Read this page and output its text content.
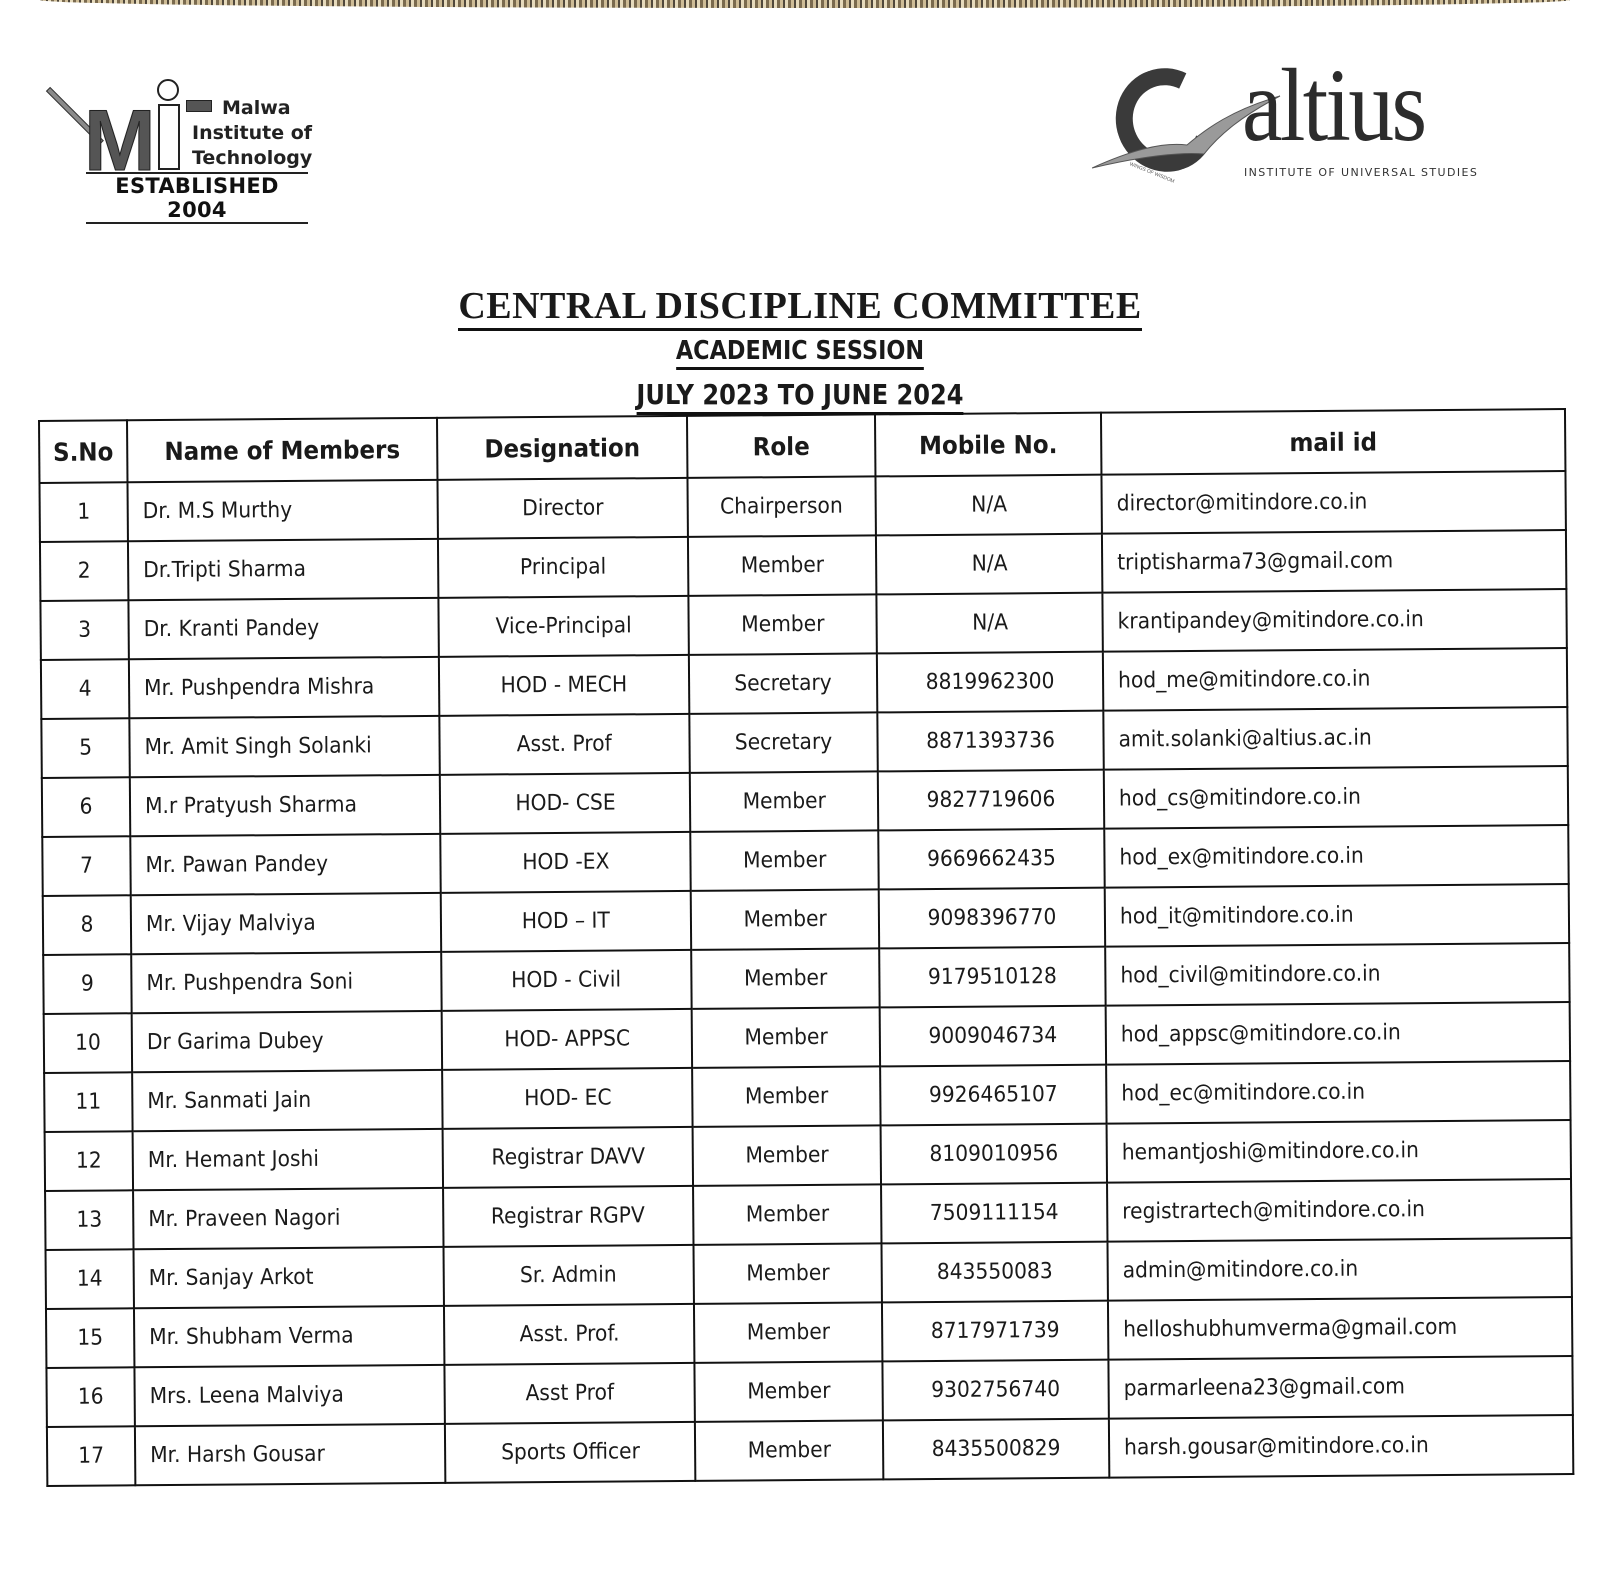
M	Malwa
Institute of
Technology
ESTABLISHED 2004
WINGS OF WISDOM
altius
INSTITUTE OF UNIVERSAL STUDIES
CENTRAL DISCIPLINE COMMITTEE
ACADEMIC SESSION
JULY 2023 TO JUNE 2024
S.No	Name of Members	Designation	Role	Mobile No.	mail id
1	Dr. M.S Murthy	Director	Chairperson	N/A	director@mitindore.co.in
2	Dr.Tripti Sharma	Principal	Member	N/A	triptisharma73@gmail.com
3	Dr. Kranti Pandey	Vice-Principal	Member	N/A	krantipandey@mitindore.co.in
4	Mr. Pushpendra Mishra	HOD - MECH	Secretary	8819962300	hod_me@mitindore.co.in
5	Mr. Amit Singh Solanki	Asst. Prof	Secretary	8871393736	amit.solanki@altius.ac.in
6	M.r Pratyush Sharma	HOD- CSE	Member	9827719606	hod_cs@mitindore.co.in
7	Mr. Pawan Pandey	HOD -EX	Member	9669662435	hod_ex@mitindore.co.in
8	Mr. Vijay Malviya	HOD – IT	Member	9098396770	hod_it@mitindore.co.in
9	Mr. Pushpendra Soni	HOD - Civil	Member	9179510128	hod_civil@mitindore.co.in
10	Dr Garima Dubey	HOD- APPSC	Member	9009046734	hod_appsc@mitindore.co.in
11	Mr. Sanmati Jain	HOD- EC	Member	9926465107	hod_ec@mitindore.co.in
12	Mr. Hemant Joshi	Registrar DAVV	Member	8109010956	hemantjoshi@mitindore.co.in
13	Mr. Praveen Nagori	Registrar RGPV	Member	7509111154	registrartech@mitindore.co.in
14	Mr. Sanjay Arkot	Sr. Admin	Member	843550083	admin@mitindore.co.in
15	Mr. Shubham Verma	Asst. Prof.	Member	8717971739	helloshubhumverma@gmail.com
16	Mrs. Leena Malviya	Asst Prof	Member	9302756740	parmarleena23@gmail.com
17	Mr. Harsh Gousar	Sports Officer	Member	8435500829	harsh.gousar@mitindore.co.in
